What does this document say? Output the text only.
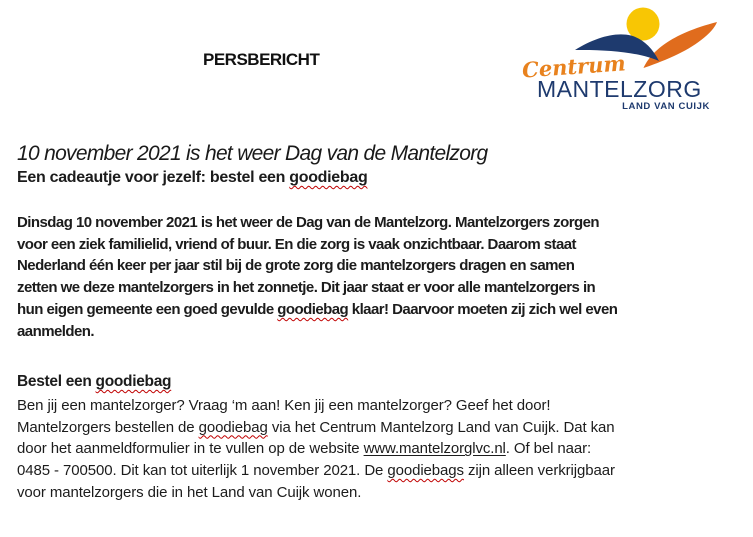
PERSBERICHT	Centrum
MANTELZORG
LAND VAN CUIJK
10 november 2021 is het weer Dag van de Mantelzorg
Een cadeautje voor jezelf: bestel een goodiebag
Dinsdag 10 november 2021 is het weer de Dag van de Mantelzorg. Mantelzorgers zorgen
voor een ziek familielid, vriend of buur. En die zorg is vaak onzichtbaar. Daarom staat
Nederland één keer per jaar stil bij de grote zorg die mantelzorgers dragen en samen
zetten we deze mantelzorgers in het zonnetje. Dit jaar staat er voor alle mantelzorgers in
hun eigen gemeente een goed gevulde goodiebag klaar! Daarvoor moeten zij zich wel even
aanmelden.
Bestel een goodiebag
Ben jij een mantelzorger? Vraag ‘m aan! Ken jij een mantelzorger? Geef het door!
Mantelzorgers bestellen de goodiebag via het Centrum Mantelzorg Land van Cuijk. Dat kan
door het aanmeldformulier in te vullen op de website www.mantelzorglvc.nl. Of bel naar:
0485 - 700500. Dit kan tot uiterlijk 1 november 2021. De goodiebags zijn alleen verkrijgbaar
voor mantelzorgers die in het Land van Cuijk wonen.
